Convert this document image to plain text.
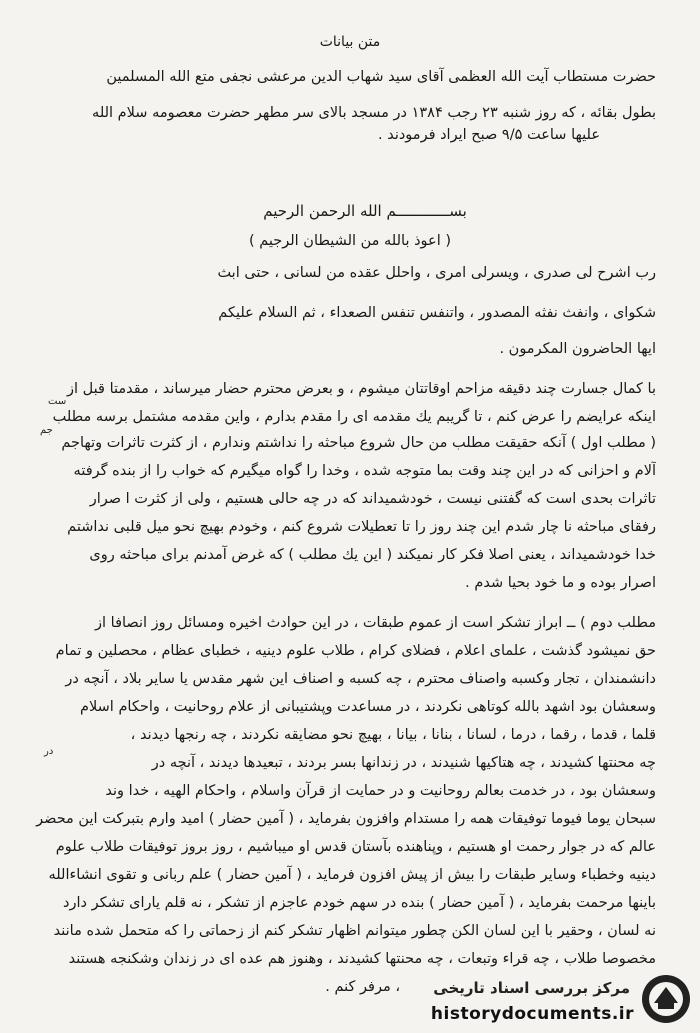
متن بیانات
حضرت مستطاب آیت الله العظمی آقای سید شهاب الدین مرعشی نجفی متع الله المسلمین
بطول بقائه ، که روز شنبه ۲۳ رجب ۱۳۸۴ در مسجد بالای سر مطهر حضرت معصومه سلام الله
علیها ساعت ۹/۵ صبح ایراد فرمودند .
بســــــــــــم الله الرحمن الرحیم
( اعوذ بالله من الشیطان الرجیم )
رب اشرح لی صدری ، ویسرلی امری ، واحلل عقده من لسانی ، حتی ابث
شکوای ، وانفث نفثه المصدور ، واتنفس تنفس الصعداء ، ثم السلام علیکم
ایها الحاضرون المکرمون .
با کمال جسارت چند دقیقه مزاحم اوقاتتان میشوم ، و بعرض محترم حضار میرساند ، مقدمتا قبل از
اینکه عرایضم را عرض کنم ، تا گریبم یك مقدمه ای را مقدم بدارم ، واین مقدمه مشتمل برسه مطلب
ست
( مطلب اول ) آنکه حقیقت مطلب من حال شروع مباحثه را نداشتم وندارم ، از کثرت تاثرات وتهاجم
جم
آلام و احزانی که در این چند وقت بما متوجه شده ، وخدا را گواه میگیرم که خواب را از بنده گرفته
تاثرات بحدی است که گفتنی نیست ، خودشمیداند که در چه حالی هستیم ، ولی از کثرت ا صرار
رفقای مباحثه نا چار شدم این چند روز را تا تعطیلات شروع کنم ، وخودم بهیچ نحو میل قلبی نداشتم
خدا خودشمیداند ، یعنی اصلا فکر کار نمیکند ( این یك مطلب ) که غرض آمدنم برای مباحثه روی
اصرار بوده و ما خود بحیا شدم .
مطلب دوم ) ــ ابراز تشکر است از عموم طبقات ، در این حوادث اخیره ومسائل روز انصافا از
حق نمیشود گذشت ، علمای اعلام ، فضلای کرام ، طلاب علوم دینیه ، خطبای عظام ، محصلین و تمام
دانشمندان ، تجار وکسبه واصناف محترم ، چه کسبه و اصناف این شهر مقدس یا سایر بلاد ، آنچه در
وسعشان بود اشهد بالله کوتاهی نکردند ، در مساعدت وپشتیبانی از علام روحانیت ، واحکام اسلام
قلما ، قدما ، رقما ، درما ، لسانا ، بنانا ، بیانا ، بهیچ نحو مضایقه نکردند ، چه رنجها دیدند ،
چه محنتها کشیدند ، چه هتاکیها شنیدند ، در زندانها بسر بردند ، تبعیدها دیدند ، آنچه در
در
وسعشان بود ، در خدمت بعالم روحانیت و در حمایت از قرآن واسلام ، واحکام الهیه ، خدا وند
سبحان یوما فیوما توفیقات همه را مستدام وافزون بفرماید ، ( آمین حضار ) امید وارم بتبرکت این محضر
عالم که در جوار رحمت او هستیم ، وپناهنده بآستان قدس او میباشیم ، روز بروز توفیقات طلاب علوم
دینیه وخطباء وسایر طبقات را بیش از پیش افزون فرماید ، ( آمین حضار ) علم ربانی و تقوی انشاءالله
باینها مرحمت بفرماید ، ( آمین حضار ) بنده در سهم خودم عاجزم از تشکر ، نه قلم یارای تشکر دارد
نه لسان ، وحقیر با این لسان الکن چطور میتوانم اظهار تشکر کنم از زحماتی را که متحمل شده مانند
مخصوصا طلاب ، چه قراء وتبعات ، چه محنتها کشیدند ، وهنوز هم عده ای در زندان وشکنجه هستند
، مرفر کنم . مرکز بررسی اسناد تاریخی
historydocuments.ir
